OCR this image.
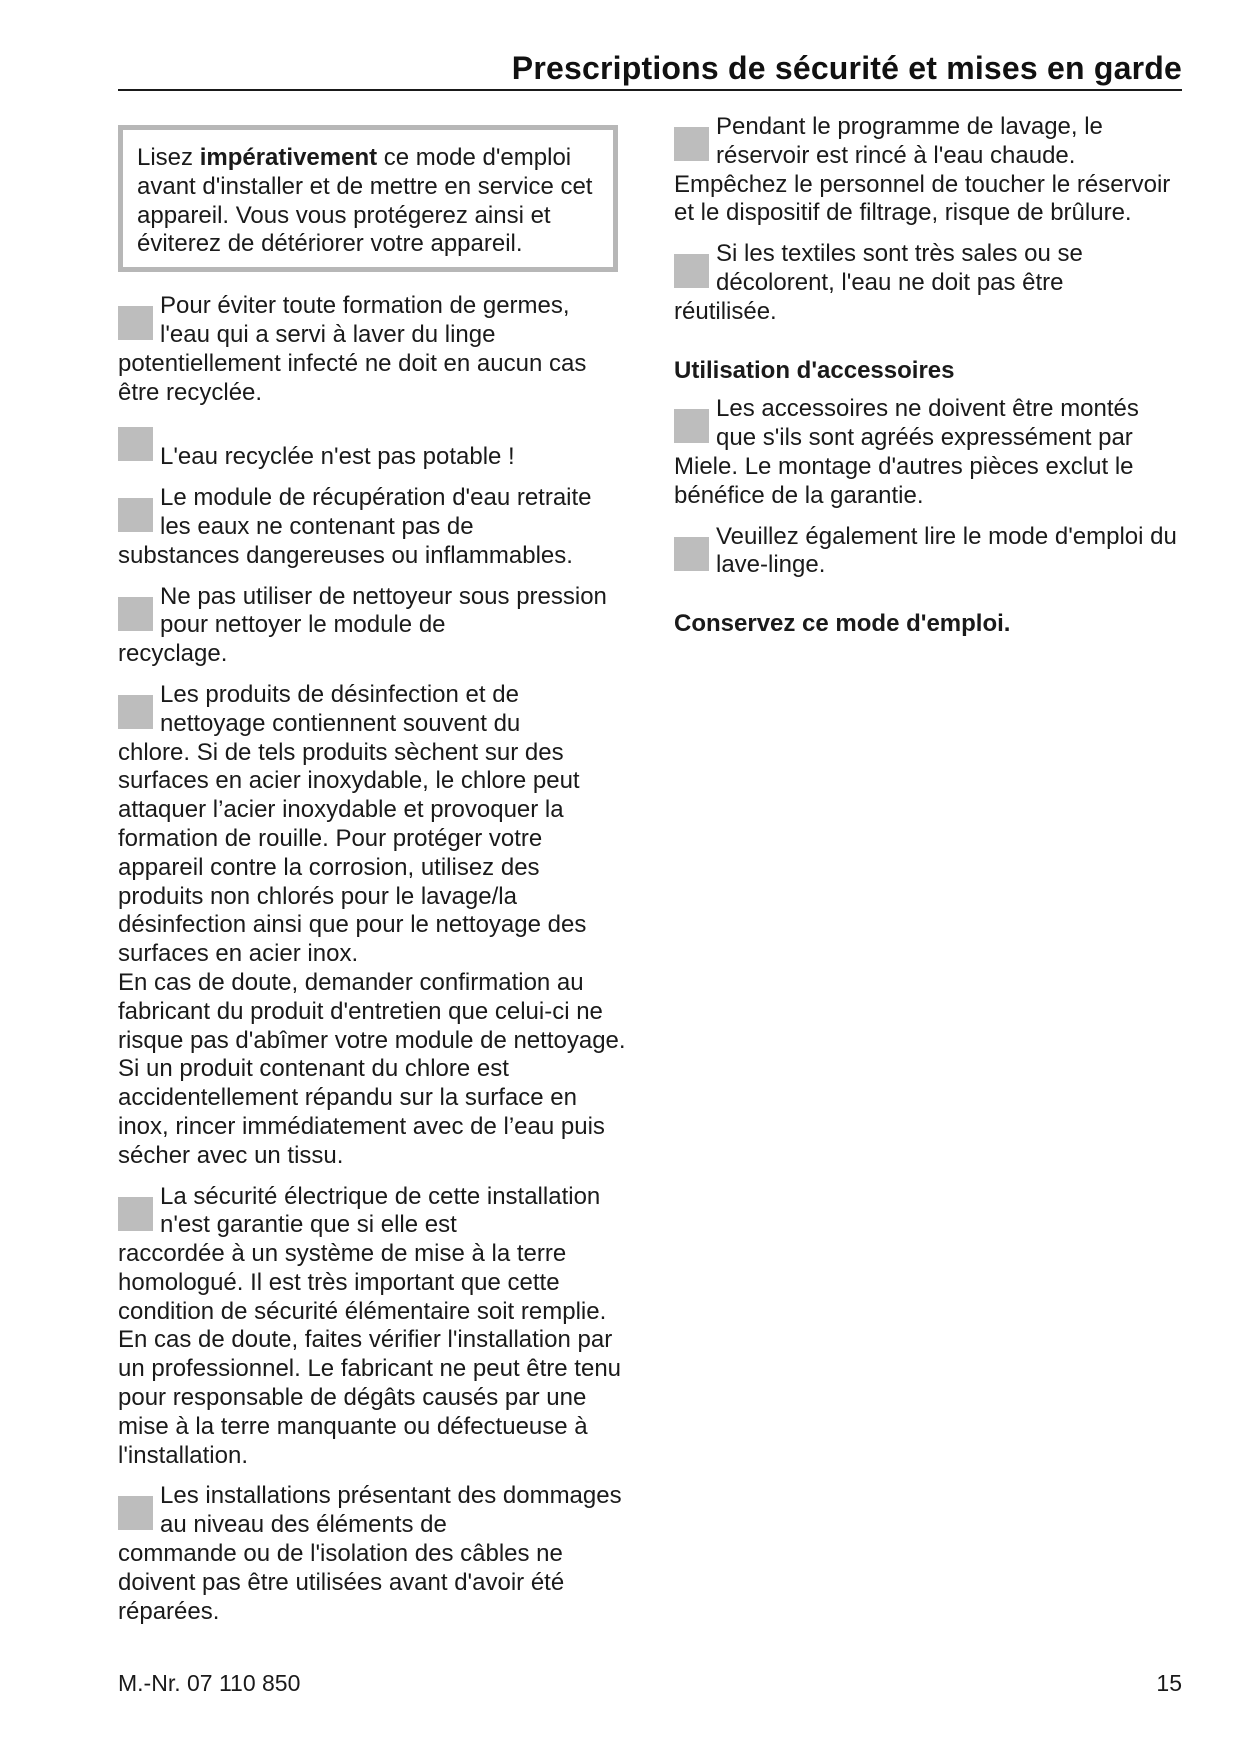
Prescriptions de sécurité et mises en garde
Lisez impérativement ce mode d'emploi avant d'installer et de mettre en service cet appareil. Vous vous protégerez ainsi et éviterez de détériorer votre appareil.
Pour éviter toute formation de germes, l'eau qui a servi à laver du linge
potentiellement infecté ne doit en aucun cas être recyclée.
L'eau recyclée n'est pas potable !
Le module de récupération d'eau retraite les eaux ne contenant pas de
substances dangereuses ou inflammables.
Ne pas utiliser de nettoyeur sous pression pour nettoyer le module de
recyclage.
Les produits de désinfection et de nettoyage contiennent souvent du
chlore. Si de tels produits sèchent sur des surfaces en acier inoxydable, le chlore peut attaquer l’acier inoxydable et provoquer la formation de rouille. Pour protéger votre appareil contre la corrosion, utilisez des produits non chlorés pour le lavage/la désinfection ainsi que pour le nettoyage des surfaces en acier inox.
En cas de doute, demander confirmation au fabricant du produit d'entretien que celui-ci ne risque pas d'abîmer votre module de nettoyage. Si un produit contenant du chlore est accidentellement répandu sur la surface en inox, rincer immédiatement avec de l’eau puis sécher avec un tissu.
La sécurité électrique de cette installation n'est garantie que si elle est
raccordée à un système de mise à la terre homologué. Il est très important que cette condition de sécurité élémentaire soit remplie. En cas de doute, faites vérifier l'installation par un professionnel. Le fabricant ne peut être tenu pour responsable de dégâts causés par une mise à la terre manquante ou défectueuse à l'installation.
Les installations présentant des dommages au niveau des éléments de
commande ou de l'isolation des câbles ne doivent pas être utilisées avant d'avoir été réparées.
Pendant le programme de lavage, le réservoir est rincé à l'eau chaude.
Empêchez le personnel de toucher le réservoir et le dispositif de filtrage, risque de brûlure.
Si les textiles sont très sales ou se décolorent, l'eau ne doit pas être
réutilisée.
Utilisation d'accessoires
Les accessoires ne doivent être montés que s'ils sont agréés expressément par
Miele. Le montage d'autres pièces exclut le bénéfice de la garantie.
Veuillez également lire le mode d'emploi du lave-linge.
Conservez ce mode d'emploi.
M.-Nr. 07 110 850	15
